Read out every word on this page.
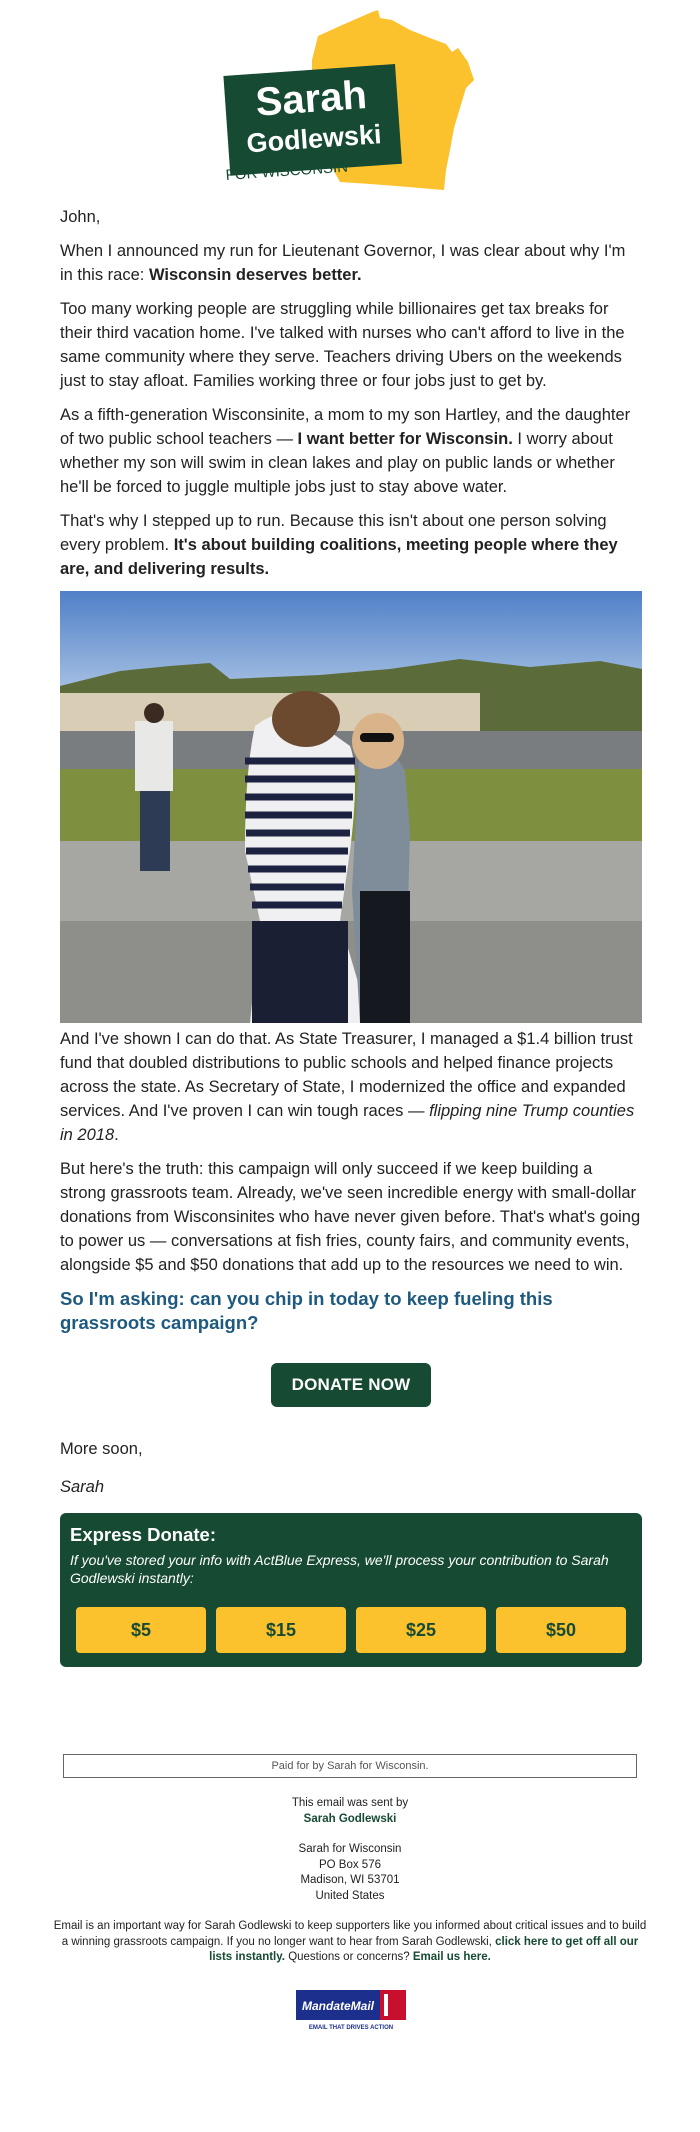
Sarah
Godlewski
FOR WISCONSIN

John,

When I announced my run for Lieutenant Governor, I was clear about why I'm in this race: Wisconsin deserves better.

Too many working people are struggling while billionaires get tax breaks for their third vacation home. I've talked with nurses who can't afford to live in the same community where they serve. Teachers driving Ubers on the weekends just to stay afloat. Families working three or four jobs just to get by.

As a fifth-generation Wisconsinite, a mom to my son Hartley, and the daughter of two public school teachers — I want better for Wisconsin. I worry about whether my son will swim in clean lakes and play on public lands or whether he'll be forced to juggle multiple jobs just to stay above water.

That's why I stepped up to run. Because this isn't about one person solving every problem. It's about building coalitions, meeting people where they are, and delivering results.

And I've shown I can do that. As State Treasurer, I managed a $1.4 billion trust fund that doubled distributions to public schools and helped finance projects across the state. As Secretary of State, I modernized the office and expanded services. And I've proven I can win tough races — flipping nine Trump counties in 2018.

But here's the truth: this campaign will only succeed if we keep building a strong grassroots team. Already, we've seen incredible energy with small-dollar donations from Wisconsinites who have never given before. That's what's going to power us — conversations at fish fries, county fairs, and community events, alongside $5 and $50 donations that add up to the resources we need to win.

So I'm asking: can you chip in today to keep fueling this grassroots campaign?

DONATE NOW

More soon,

Sarah

Express Donate:
If you've stored your info with ActBlue Express, we'll process your contribution to Sarah Godlewski instantly:
$5	$15	$25	$50
Paid for by Sarah for Wisconsin.
This email was sent by
Sarah Godlewski
Sarah for Wisconsin
PO Box 576
Madison, WI 53701
United States
Email is an important way for Sarah Godlewski to keep supporters like you informed about critical issues and to build a winning grassroots campaign. If you no longer want to hear from Sarah Godlewski, click here to get off all our lists instantly. Questions or concerns? Email us here.
MandateMail
EMAIL THAT DRIVES ACTION
